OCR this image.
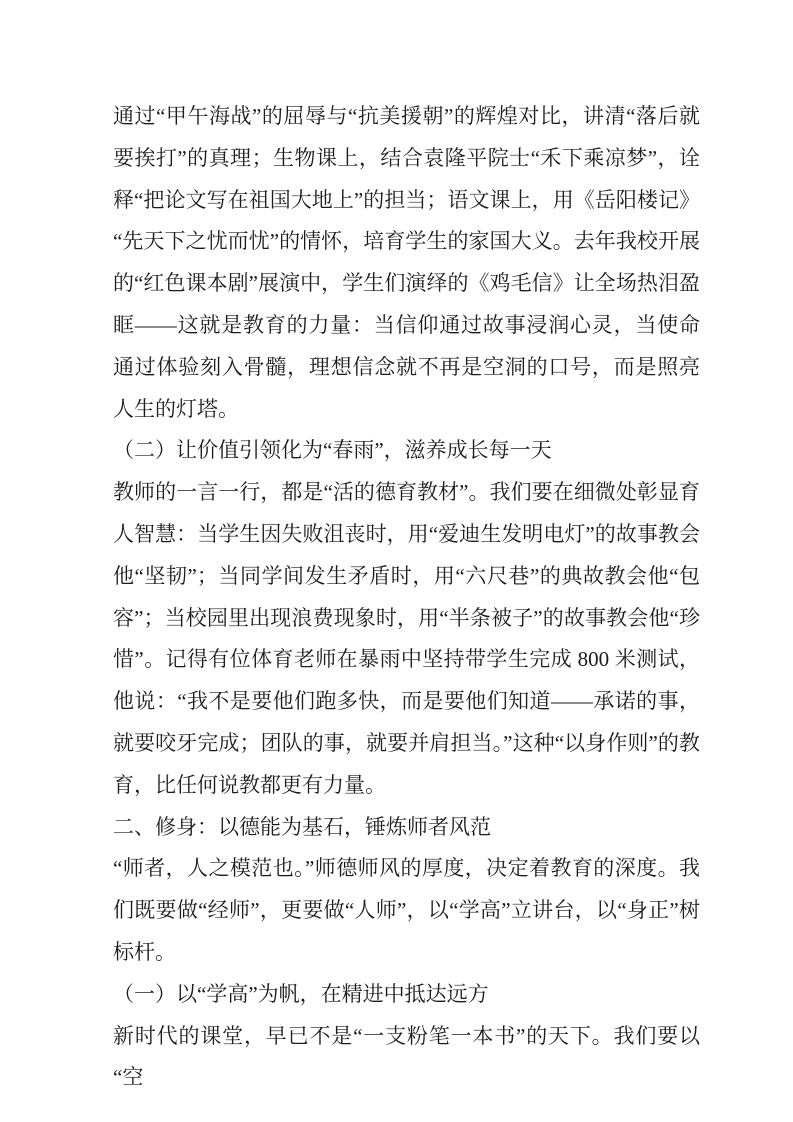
通过“甲午海战”的屈辱与“抗美援朝”的辉煌对比，讲清“落后就要挨打”的真理；生物课上，结合袁隆平院士“禾下乘凉梦”，诠释“把论文写在祖国大地上”的担当；语文课上，用《岳阳楼记》“先天下之忧而忧”的情怀，培育学生的家国大义。去年我校开展的“红色课本剧”展演中，学生们演绎的《鸡毛信》让全场热泪盈眶——这就是教育的力量：当信仰通过故事浸润心灵，当使命通过体验刻入骨髓，理想信念就不再是空洞的口号，而是照亮人生的灯塔。

（二）让价值引领化为“春雨”，滋养成长每一天

教师的一言一行，都是“活的德育教材”。我们要在细微处彰显育人智慧：当学生因失败沮丧时，用“爱迪生发明电灯”的故事教会他“坚韧”；当同学间发生矛盾时，用“六尺巷”的典故教会他“包容”；当校园里出现浪费现象时，用“半条被子”的故事教会他“珍惜”。记得有位体育老师在暴雨中坚持带学生完成 800 米测试，他说：“我不是要他们跑多快，而是要他们知道——承诺的事，就要咬牙完成；团队的事，就要并肩担当。”这种“以身作则”的教育，比任何说教都更有力量。

二、修身：以德能为基石，锤炼师者风范

“师者，人之模范也。”师德师风的厚度，决定着教育的深度。我们既要做“经师”，更要做“人师”，以“学高”立讲台，以“身正”树标杆。

（一）以“学高”为帆，在精进中抵达远方

新时代的课堂，早已不是“一支粉笔一本书”的天下。我们要以“空
